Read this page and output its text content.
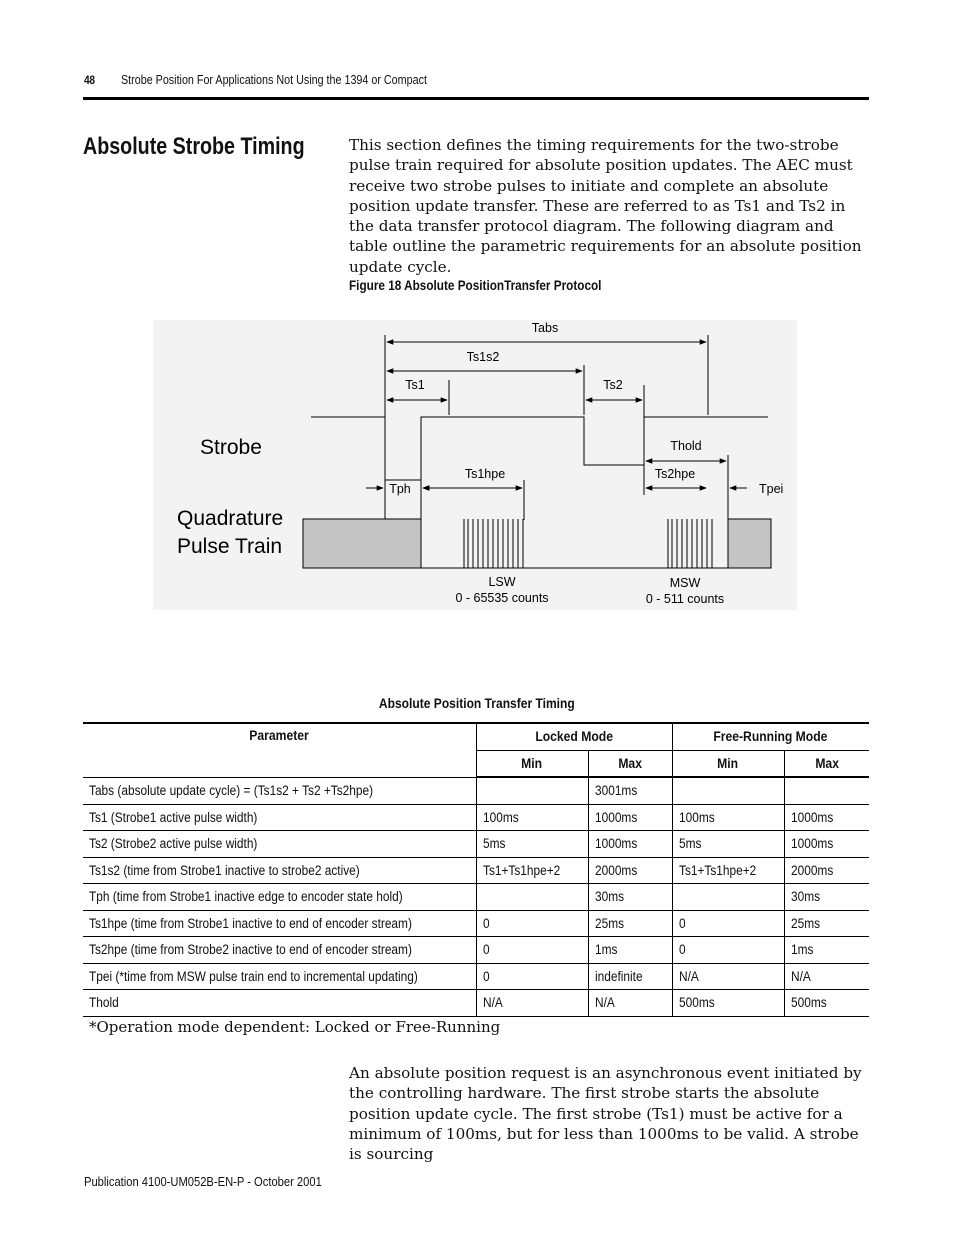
48 Strobe Position For Applications Not Using the 1394 or Compact
Absolute Strobe Timing	This section defines the timing requirements for the two-strobe pulse train required for absolute position updates. The AEC must receive two strobe pulses to initiate and complete an absolute position update transfer. These are referred to as Ts1 and Ts2 in the data transfer protocol diagram. The following diagram and table outline the parametric requirements for an absolute position update cycle.
Figure 18 Absolute PositionTransfer Protocol
Tabs
Ts1s2
Ts1	Ts2
Thold
Tph
Ts1hpe	Ts2hpe
Tpei
LSW
0 - 65535 counts
MSW
0 - 511 counts
Strobe
Quadrature
Pulse Train
Absolute Position Transfer Timing
Parameter	Locked Mode		Free-Running Mode	
	Min	Max	Min	Max
Tabs (absolute update cycle) = (Ts1s2 + Ts2 +Ts2hpe)		3001ms		
Ts1 (Strobe1 active pulse width)	100ms	1000ms	100ms	1000ms
Ts2 (Strobe2 active pulse width)	5ms	1000ms	5ms	1000ms
Ts1s2 (time from Strobe1 inactive to strobe2 active)	Ts1+Ts1hpe+2	2000ms	Ts1+Ts1hpe+2	2000ms
Tph (time from Strobe1 inactive edge to encoder state hold)		30ms		30ms
Ts1hpe (time from Strobe1 inactive to end of encoder stream)	0	25ms	0	25ms
Ts2hpe (time from Strobe2 inactive to end of encoder stream)	0	1ms	0	1ms
Tpei (*time from MSW pulse train end to incremental updating)	0	indefinite	N/A	N/A
Thold	N/A	N/A	500ms	500ms
*Operation mode dependent: Locked or Free-Running
An absolute position request is an asynchronous event initiated by the controlling hardware. The first strobe starts the absolute position update cycle. The first strobe (Ts1) must be active for a minimum of 100ms, but for less than 1000ms to be valid. A strobe is sourcing
Publication 4100-UM052B-EN-P - October 2001
